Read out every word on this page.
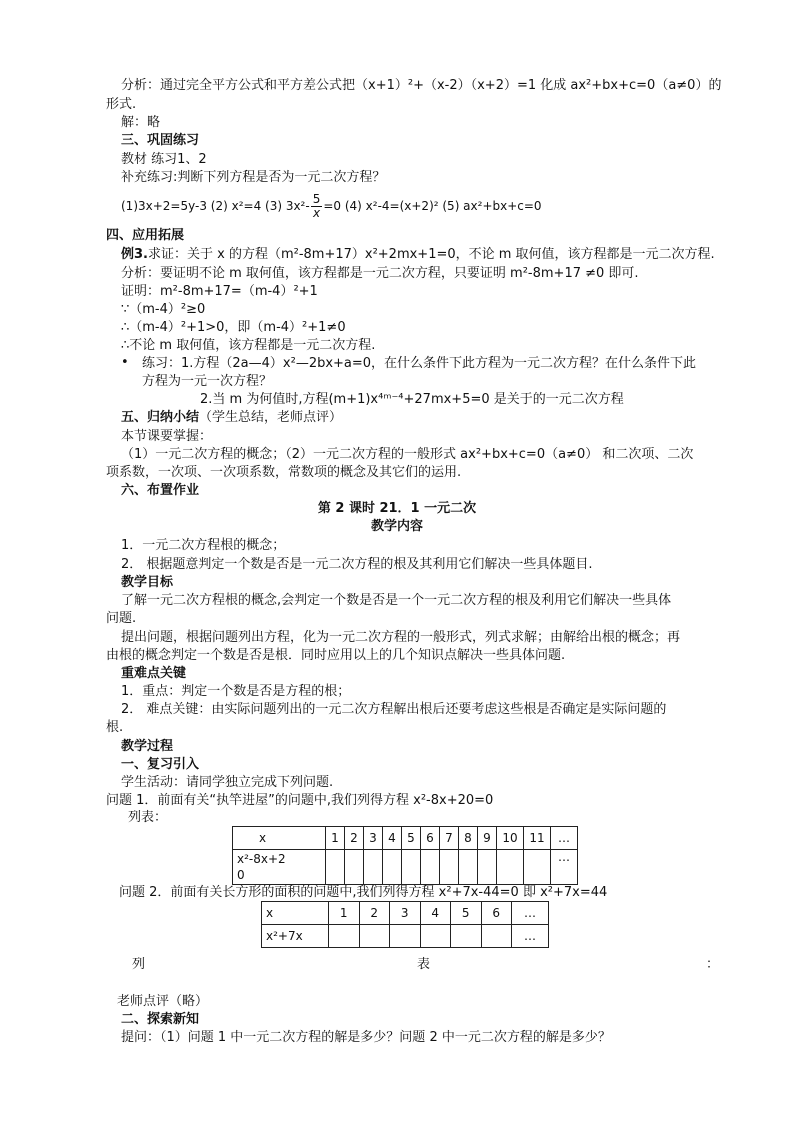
分析：通过完全平方公式和平方差公式把（x+1）²+（x-2）（x+2）=1 化成 ax²+bx+c=0（a≠0）的
形式.
解：略
三、巩固练习
教材 练习1、2
补充练习:判断下列方程是否为一元二次方程？
(1)3x+2=5y-3 (2) x²=4 (3) $3x^2- \frac{5}{x} =0$ (4) x²-4=(x+2)² (5) ax²+bx+c=0
四、应用拓展
例3.求证：关于 x 的方程（m²-8m+17）x²+2mx+1=0，不论 m 取何值，该方程都是一元二次方程.
分析：要证明不论 m 取何值，该方程都是一元二次方程，只要证明 m²-8m+17 ≠0 即可.
证明：m²-8m+17=（m-4）²+1
∵（m-4）²≥0
∴（m-4）²+1>0，即（m-4）²+1≠0
∴不论 m 取何值，该方程都是一元二次方程.
• 练习：1.方程（2a—4）x²—2bx+a=0，在什么条件下此方程为一元二次方程？在什么条件下此
方程为一元一次方程？
2.当 m 为何值时,方程(m+1)x⁴ᵐ⁻⁴+27mx+5=0 是关于的一元二次方程
五、归纳小结（学生总结，老师点评）
本节课要掌握：
（1）一元二次方程的概念；（2）一元二次方程的一般形式 ax²+bx+c=0（a≠0） 和二次项、二次
项系数，一次项、一次项系数，常数项的概念及其它们的运用.
六、布置作业
第 2 课时 21．1 一元二次
教学内容
1．一元二次方程根的概念；
2． 根据题意判定一个数是否是一元二次方程的根及其利用它们解决一些具体题目.
教学目标
了解一元二次方程根的概念,会判定一个数是否是一个一元二次方程的根及利用它们解决一些具体
问题.
提出问题，根据问题列出方程，化为一元二次方程的一般形式，列式求解；由解给出根的概念；再
由根的概念判定一个数是否是根．同时应用以上的几个知识点解决一些具体问题.
重难点关键
1．重点：判定一个数是否是方程的根；
2． 难点关键：由实际问题列出的一元二次方程解出根后还要考虑这些根是否确定是实际问题的
根.
教学过程
一、复习引入
学生活动：请同学独立完成下列问题.
问题 1．前面有关“执竿进屋”的问题中,我们列得方程 x²-8x+20=0
列表：
x	1	2	3	4	5	6	7	8	9	10	11	…
x²-8x+2
0												…
问题 2．前面有关长方形的面积的问题中,我们列得方程 x²+7x-44=0 即 x²+7x=44
x	1	2	3	4	5	6	…
x²+7x							…
列	表	：
老师点评（略）
二、探索新知
提问：（1）问题 1 中一元二次方程的解是多少？问题 2 中一元二次方程的解是多少？
